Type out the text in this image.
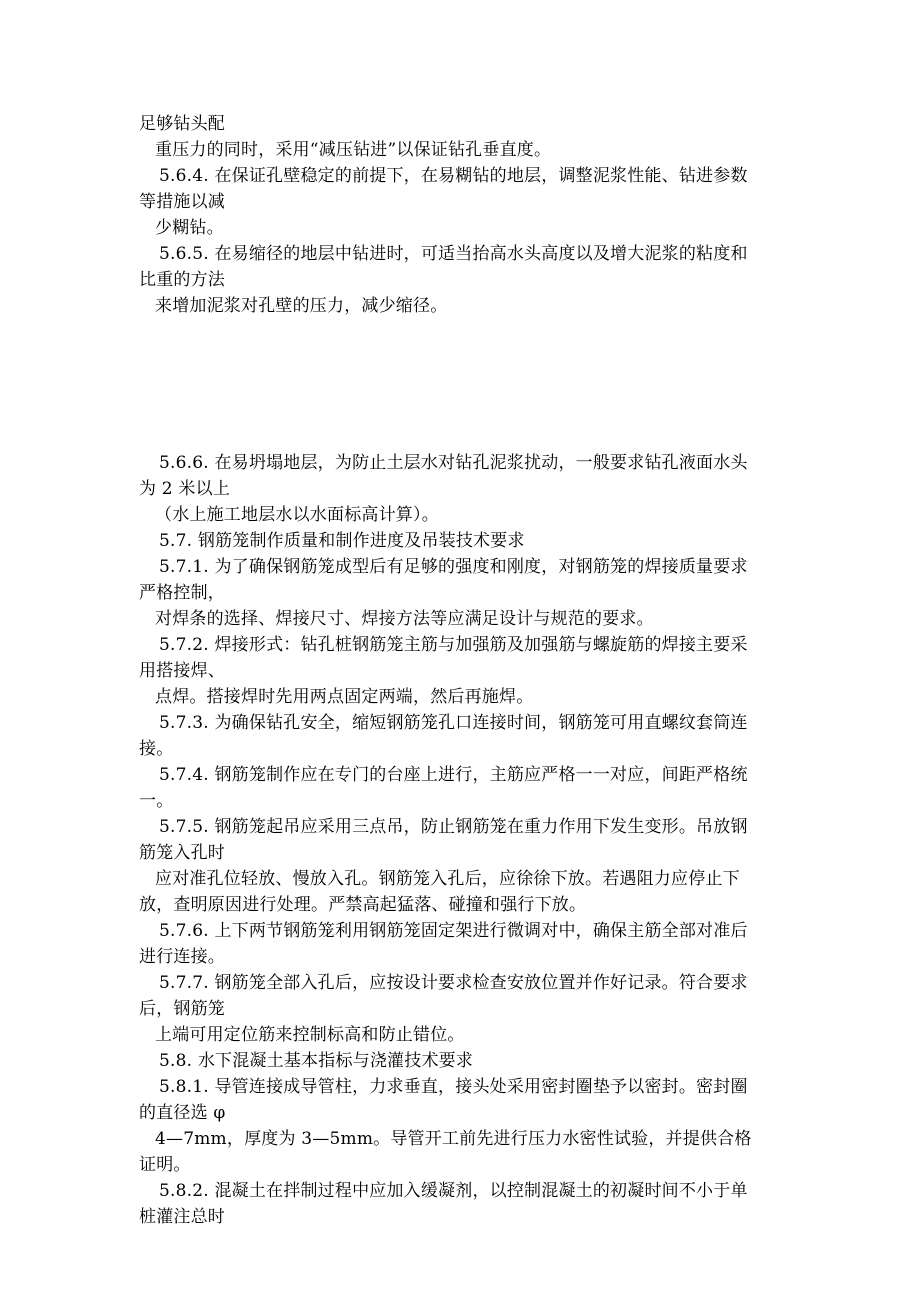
足够钻头配
重压力的同时，采用“减压钻进”以保证钻孔垂直度。
5.6.4. 在保证孔壁稳定的前提下，在易糊钻的地层，调整泥浆性能、钻进参数
等措施以减
少糊钻。
5.6.5. 在易缩径的地层中钻进时，可适当抬高水头高度以及增大泥浆的粘度和
比重的方法
来增加泥浆对孔壁的压力，减少缩径。
5.6.6. 在易坍塌地层，为防止土层水对钻孔泥浆扰动，一般要求钻孔液面水头
为 2 米以上
（水上施工地层水以水面标高计算）。
5.7. 钢筋笼制作质量和制作进度及吊装技术要求
5.7.1. 为了确保钢筋笼成型后有足够的强度和刚度，对钢筋笼的焊接质量要求
严格控制，
对焊条的选择、焊接尺寸、焊接方法等应满足设计与规范的要求。
5.7.2. 焊接形式：钻孔桩钢筋笼主筋与加强筋及加强筋与螺旋筋的焊接主要采
用搭接焊、
点焊。搭接焊时先用两点固定两端，然后再施焊。
5.7.3. 为确保钻孔安全，缩短钢筋笼孔口连接时间，钢筋笼可用直螺纹套筒连
接。
5.7.4. 钢筋笼制作应在专门的台座上进行，主筋应严格一一对应，间距严格统
一。
5.7.5. 钢筋笼起吊应采用三点吊，防止钢筋笼在重力作用下发生变形。吊放钢
筋笼入孔时
应对准孔位轻放、慢放入孔。钢筋笼入孔后，应徐徐下放。若遇阻力应停止下
放，查明原因进行处理。严禁高起猛落、碰撞和强行下放。
5.7.6. 上下两节钢筋笼利用钢筋笼固定架进行微调对中，确保主筋全部对准后
进行连接。
5.7.7. 钢筋笼全部入孔后，应按设计要求检查安放位置并作好记录。符合要求
后，钢筋笼
上端可用定位筋来控制标高和防止错位。
5.8. 水下混凝土基本指标与浇灌技术要求
5.8.1. 导管连接成导管柱，力求垂直，接头处采用密封圈垫予以密封。密封圈
的直径选 φ
4—7mm，厚度为 3—5mm。导管开工前先进行压力水密性试验，并提供合格
证明。
5.8.2. 混凝土在拌制过程中应加入缓凝剂，以控制混凝土的初凝时间不小于单
桩灌注总时
